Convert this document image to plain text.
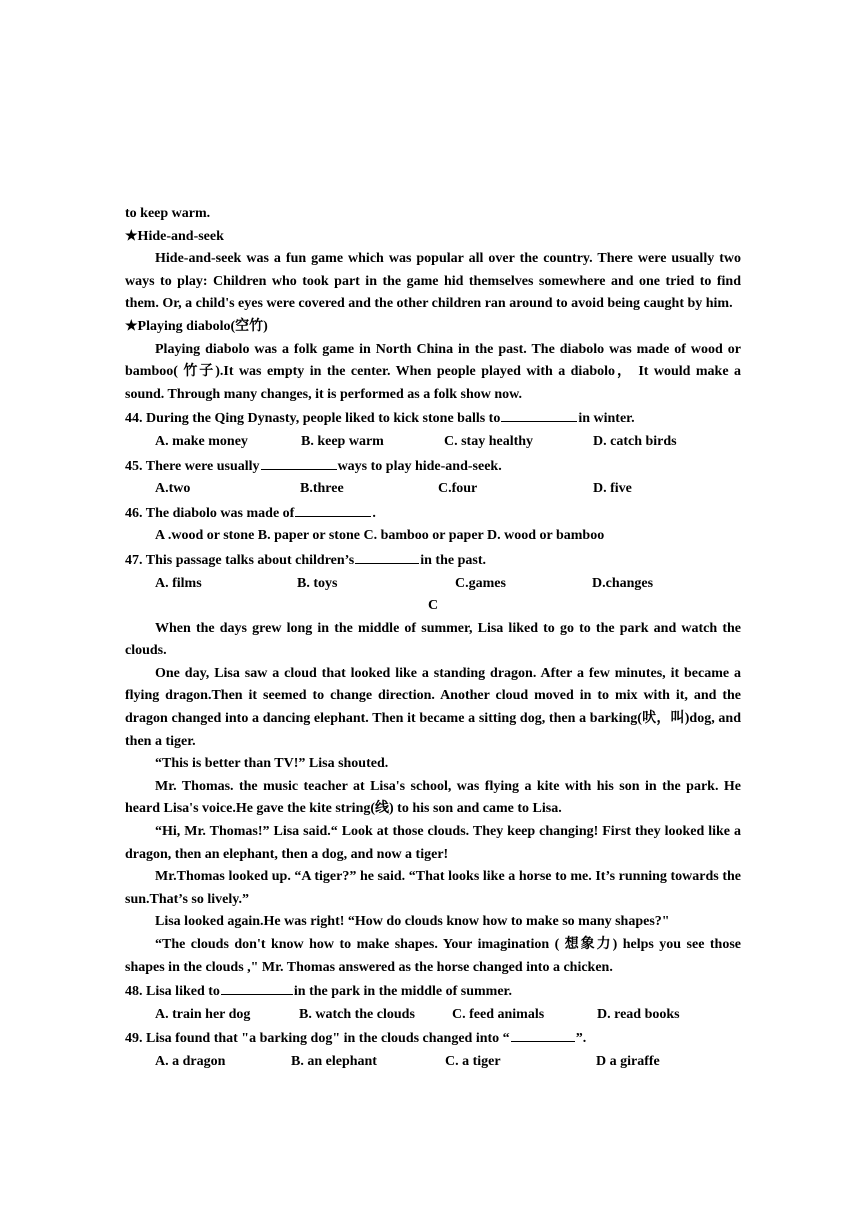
to keep warm.

★Hide-and-seek

Hide-and-seek was a fun game which was popular all over the country. There were usually two ways to play: Children who took part in the game hid themselves somewhere and one tried to find them. Or, a child's eyes were covered and the other children ran around to avoid being caught by him.

★Playing diabolo(空竹)

Playing diabolo was a folk game in North China in the past. The diabolo was made of wood or bamboo( 竹子).It was empty in the center. When people played with a diabolo， It would make a sound. Through many changes, it is performed as a folk show now.

44. During the Qing Dynasty, people liked to kick stone balls to	in winter.

A. make money	B. keep warm	C. stay healthy	D. catch birds

45. There were usually	ways to play hide-and-seek.

A.two	B.three	C.four	D. five

46. The diabolo was made of	.

A .wood or stone B. paper or stone C. bamboo or paper D. wood or bamboo

47. This passage talks about children’s	in the past.

A. films	B. toys	C.games	D.changes

C

When the days grew long in the middle of summer, Lisa liked to go to the park and watch the clouds.

One day, Lisa saw a cloud that looked like a standing dragon. After a few minutes, it became a flying dragon.Then it seemed to change direction. Another cloud moved in to mix with it, and the dragon changed into a dancing elephant. Then it became a sitting dog, then a barking(吠，叫)dog, and then a tiger.

“This is better than TV!” Lisa shouted.

Mr. Thomas. the music teacher at Lisa's school, was flying a kite with his son in the park. He heard Lisa's voice.He gave the kite string(线) to his son and came to Lisa.

“Hi, Mr. Thomas!” Lisa said.“ Look at those clouds. They keep changing! First they looked like a dragon, then an elephant, then a dog, and now a tiger!

Mr.Thomas looked up. “A tiger?” he said. “That looks like a horse to me. It’s running towards the sun.That’s so lively.”

Lisa looked again.He was right! “How do clouds know how to make so many shapes?"

“The clouds don't know how to make shapes. Your imagination ( 想象力) helps you see those shapes in the clouds ," Mr. Thomas answered as the horse changed into a chicken.

48. Lisa liked to	in the park in the middle of summer.

A. train her dog	B. watch the clouds	C. feed animals	D. read books

49. Lisa found that "a barking dog" in the clouds changed into “	”.

A. a dragon	B. an elephant	C. a tiger	D a giraffe
